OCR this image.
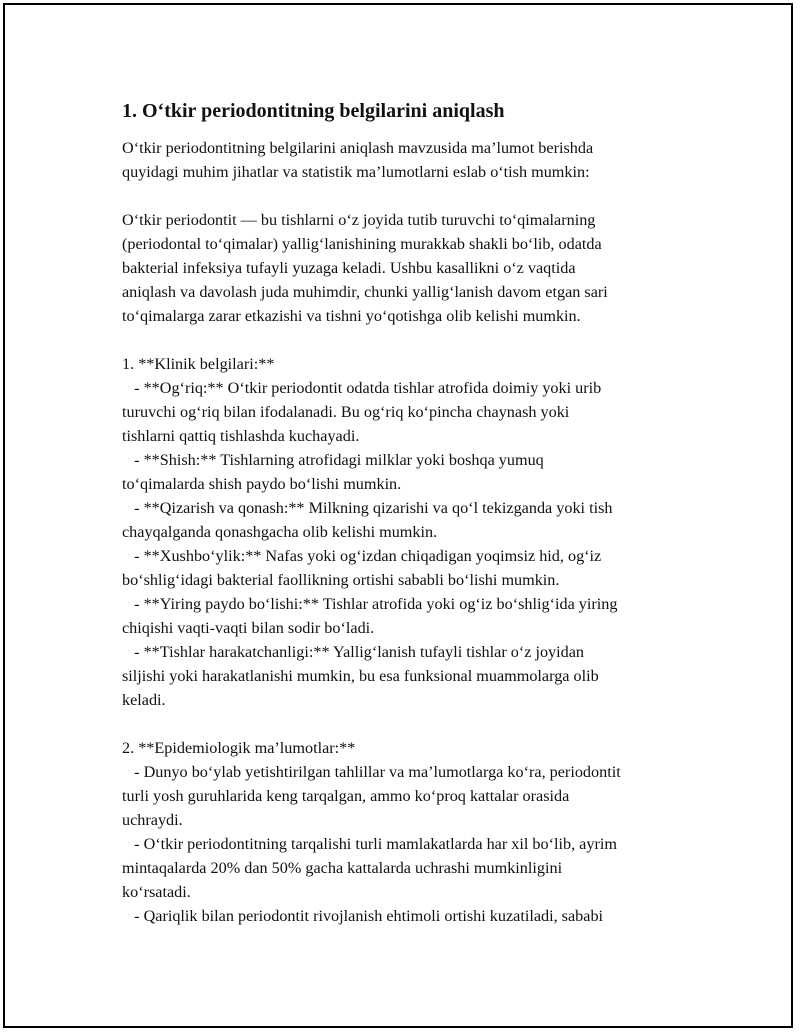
1. O‘tkir periodontitning belgilarini aniqlash
O‘tkir periodontitning belgilarini aniqlash mavzusida ma’lumot berishda
quyidagi muhim jihatlar va statistik ma’lumotlarni eslab o‘tish mumkin:
O‘tkir periodontit — bu tishlarni o‘z joyida tutib turuvchi to‘qimalarning
(periodontal to‘qimalar) yallig‘lanishining murakkab shakli bo‘lib, odatda
bakterial infeksiya tufayli yuzaga keladi. Ushbu kasallikni o‘z vaqtida
aniqlash va davolash juda muhimdir, chunki yallig‘lanish davom etgan sari
to‘qimalarga zarar etkazishi va tishni yo‘qotishga olib kelishi mumkin.
1. **Klinik belgilari:**
- **Og‘riq:** O‘tkir periodontit odatda tishlar atrofida doimiy yoki urib
turuvchi og‘riq bilan ifodalanadi. Bu og‘riq ko‘pincha chaynash yoki
tishlarni qattiq tishlashda kuchayadi.
- **Shish:** Tishlarning atrofidagi milklar yoki boshqa yumuq
to‘qimalarda shish paydo bo‘lishi mumkin.
- **Qizarish va qonash:** Milkning qizarishi va qo‘l tekizganda yoki tish
chayqalganda qonashgacha olib kelishi mumkin.
- **Xushbo‘ylik:** Nafas yoki og‘izdan chiqadigan yoqimsiz hid, og‘iz
bo‘shlig‘idagi bakterial faollikning ortishi sababli bo‘lishi mumkin.
- **Yiring paydo bo‘lishi:** Tishlar atrofida yoki og‘iz bo‘shlig‘ida yiring
chiqishi vaqti-vaqti bilan sodir bo‘ladi.
- **Tishlar harakatchanligi:** Yallig‘lanish tufayli tishlar o‘z joyidan
siljishi yoki harakatlanishi mumkin, bu esa funksional muammolarga olib
keladi.
2. **Epidemiologik ma’lumotlar:**
- Dunyo bo‘ylab yetishtirilgan tahlillar va ma’lumotlarga ko‘ra, periodontit
turli yosh guruhlarida keng tarqalgan, ammo ko‘proq kattalar orasida
uchraydi.
- O‘tkir periodontitning tarqalishi turli mamlakatlarda har xil bo‘lib, ayrim
mintaqalarda 20% dan 50% gacha kattalarda uchrashi mumkinligini
ko‘rsatadi.
- Qariqlik bilan periodontit rivojlanish ehtimoli ortishi kuzatiladi, sababi
